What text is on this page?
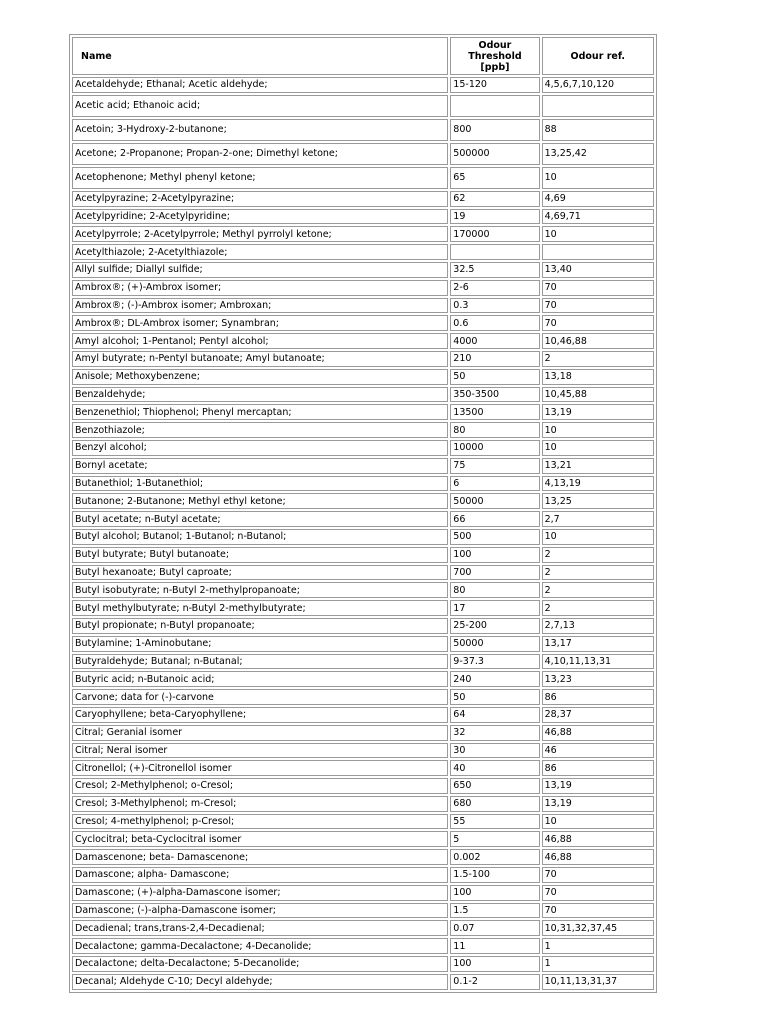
Name	Odour Threshold [ppb]	Odour ref.
Acetaldehyde; Ethanal; Acetic aldehyde;	15-120	4,5,6,7,10,120
Acetic acid; Ethanoic acid;		
Acetoin; 3-Hydroxy-2-butanone;	800	88
Acetone; 2-Propanone; Propan-2-one; Dimethyl ketone;	500000	13,25,42
Acetophenone; Methyl phenyl ketone;	65	10
Acetylpyrazine; 2-Acetylpyrazine;	62	4,69
Acetylpyridine; 2-Acetylpyridine;	19	4,69,71
Acetylpyrrole; 2-Acetylpyrrole; Methyl pyrrolyl ketone;	170000	10
Acetylthiazole; 2-Acetylthiazole;		
Allyl sulfide; Diallyl sulfide;	32.5	13,40
Ambrox®; (+)-Ambrox isomer;	2-6	70
Ambrox®; (-)-Ambrox isomer; Ambroxan;	0.3	70
Ambrox®; DL-Ambrox isomer; Synambran;	0.6	70
Amyl alcohol; 1-Pentanol; Pentyl alcohol;	4000	10,46,88
Amyl butyrate; n-Pentyl butanoate; Amyl butanoate;	210	2
Anisole; Methoxybenzene;	50	13,18
Benzaldehyde;	350-3500	10,45,88
Benzenethiol; Thiophenol; Phenyl mercaptan;	13500	13,19
Benzothiazole;	80	10
Benzyl alcohol;	10000	10
Bornyl acetate;	75	13,21
Butanethiol; 1-Butanethiol;	6	4,13,19
Butanone; 2-Butanone; Methyl ethyl ketone;	50000	13,25
Butyl acetate; n-Butyl acetate;	66	2,7
Butyl alcohol; Butanol; 1-Butanol; n-Butanol;	500	10
Butyl butyrate; Butyl butanoate;	100	2
Butyl hexanoate; Butyl caproate;	700	2
Butyl isobutyrate; n-Butyl 2-methylpropanoate;	80	2
Butyl methylbutyrate; n-Butyl 2-methylbutyrate;	17	2
Butyl propionate; n-Butyl propanoate;	25-200	2,7,13
Butylamine; 1-Aminobutane;	50000	13,17
Butyraldehyde; Butanal; n-Butanal;	9-37.3	4,10,11,13,31
Butyric acid; n-Butanoic acid;	240	13,23
Carvone; data for (-)-carvone	50	86
Caryophyllene; beta-Caryophyllene;	64	28,37
Citral; Geranial isomer	32	46,88
Citral; Neral isomer	30	46
Citronellol; (+)-Citronellol isomer	40	86
Cresol; 2-Methylphenol; o-Cresol;	650	13,19
Cresol; 3-Methylphenol; m-Cresol;	680	13,19
Cresol; 4-methylphenol; p-Cresol;	55	10
Cyclocitral; beta-Cyclocitral isomer	5	46,88
Damascenone; beta- Damascenone;	0.002	46,88
Damascone; alpha- Damascone;	1.5-100	70
Damascone; (+)-alpha-Damascone isomer;	100	70
Damascone; (-)-alpha-Damascone isomer;	1.5	70
Decadienal; trans,trans-2,4-Decadienal;	0.07	10,31,32,37,45
Decalactone; gamma-Decalactone; 4-Decanolide;	11	1
Decalactone; delta-Decalactone; 5-Decanolide;	100	1
Decanal; Aldehyde C-10; Decyl aldehyde;	0.1-2	10,11,13,31,37
